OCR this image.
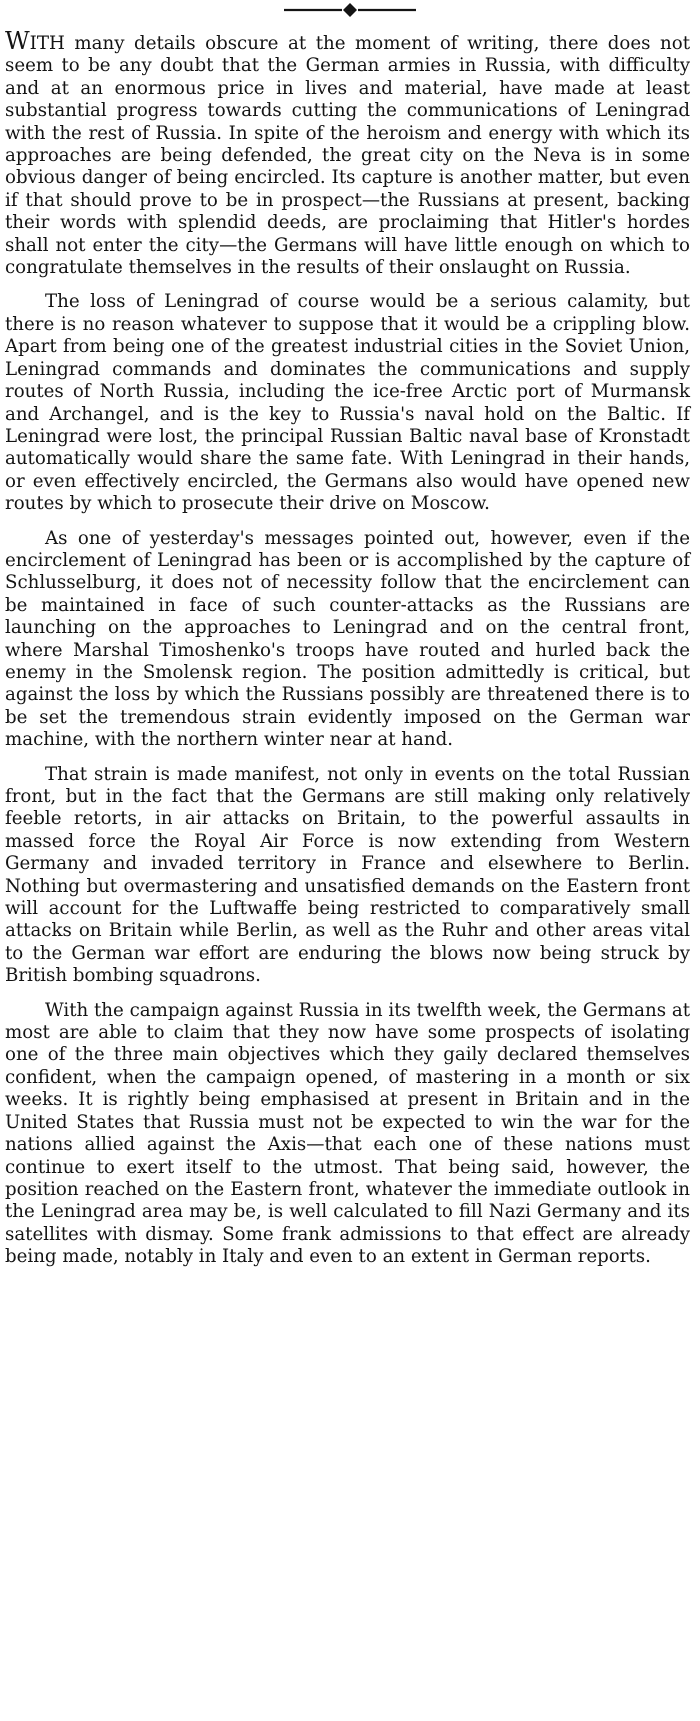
WITH many details obscure at the moment of writing, there does not seem to be any doubt that the German armies in Russia, with difficulty and at an enormous price in lives and material, have made at least substantial progress towards cutting the communications of Leningrad with the rest of Russia. In spite of the heroism and energy with which its approaches are being defended, the great city on the Neva is in some obvious danger of being encircled. Its capture is another matter, but even if that should prove to be in prospect—the Russians at present, backing their words with splendid deeds, are proclaiming that Hitler's hordes shall not enter the city—the Germans will have little enough on which to congratulate themselves in the results of their onslaught on Russia.

The loss of Leningrad of course would be a serious calamity, but there is no reason whatever to suppose that it would be a crippling blow. Apart from being one of the greatest industrial cities in the Soviet Union, Leningrad commands and dominates the communications and supply routes of North Russia, including the ice-free Arctic port of Murmansk and Archangel, and is the key to Russia's naval hold on the Baltic. If Leningrad were lost, the principal Russian Baltic naval base of Kronstadt automatically would share the same fate. With Leningrad in their hands, or even effectively encircled, the Germans also would have opened new routes by which to prosecute their drive on Moscow.

As one of yesterday's messages pointed out, however, even if the encirclement of Leningrad has been or is accomplished by the capture of Schlusselburg, it does not of necessity follow that the encirclement can be maintained in face of such counter-attacks as the Russians are launching on the approaches to Leningrad and on the central front, where Marshal Timoshenko's troops have routed and hurled back the enemy in the Smolensk region. The position admittedly is critical, but against the loss by which the Russians possibly are threatened there is to be set the tremendous strain evidently imposed on the German war machine, with the northern winter near at hand.

That strain is made manifest, not only in events on the total Russian front, but in the fact that the Germans are still making only relatively feeble retorts, in air attacks on Britain, to the powerful assaults in massed force the Royal Air Force is now extending from Western Germany and invaded territory in France and elsewhere to Berlin. Nothing but overmastering and unsatisfied demands on the Eastern front will account for the Luftwaffe being restricted to comparatively small attacks on Britain while Berlin, as well as the Ruhr and other areas vital to the German war effort are enduring the blows now being struck by British bombing squadrons.

With the campaign against Russia in its twelfth week, the Germans at most are able to claim that they now have some prospects of isolating one of the three main objectives which they gaily declared themselves confident, when the campaign opened, of mastering in a month or six weeks. It is rightly being emphasised at present in Britain and in the United States that Russia must not be expected to win the war for the nations allied against the Axis—that each one of these nations must continue to exert itself to the utmost. That being said, however, the position reached on the Eastern front, whatever the immediate outlook in the Leningrad area may be, is well calculated to fill Nazi Germany and its satellites with dismay. Some frank admissions to that effect are already being made, notably in Italy and even to an extent in German reports.
